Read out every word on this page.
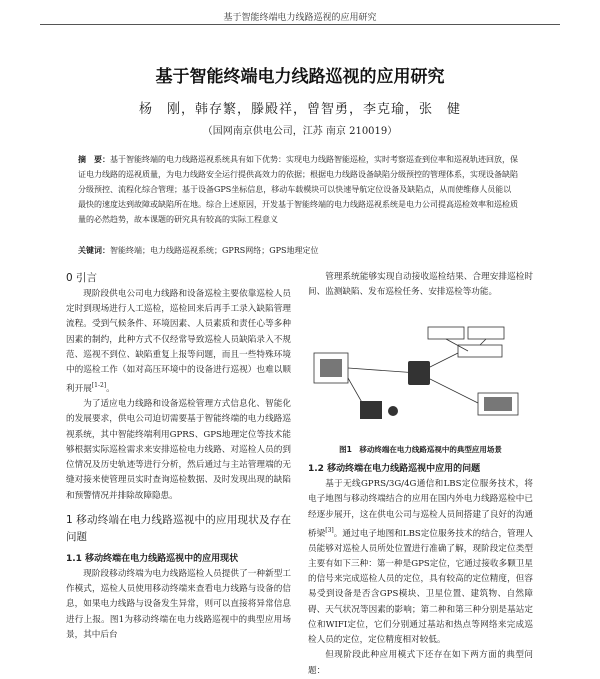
基于智能终端电力线路巡视的应用研究
基于智能终端电力线路巡视的应用研究
杨　刚，韩存繁，滕殿祥，曾智勇，李克瑜，张　健
（国网南京供电公司，江苏 南京 210019）
摘　要：基于智能终端的电力线路巡视系统具有如下优势：实现电力线路智能巡检，实时考察巡查到位率和巡视轨迹回放，保证电力线路的巡视质量，为电力线路安全运行提供高效力的依据；根据电力线路设备缺陷分级预控的管理体系，实现设备缺陷分级预控、流程化综合管理；基于设备GPS坐标信息，移动车载模块可以快速导航定位设备及缺陷点，从而使维修人员能以最快的速度达到故障或缺陷所在地。综合上述原因，开发基于智能终端的电力线路巡视系统是电力公司提高巡检效率和巡检质量的必然趋势，故本课题的研究具有较高的实际工程意义
关键词：智能终端；电力线路巡视系统；GPRS网络；GPS地理定位
0 引言

现阶段供电公司电力线路和设备巡检主要依靠巡检人员定时到现场进行人工巡检，巡检回来后再手工录入缺陷管理流程。受到气候条件、环境因素、人员素质和责任心等多种因素的制约，此种方式不仅经常导致巡检人员缺陷录入不规范、巡视不到位、缺陷重复上报等问题，而且一些特殊环境中的巡检工作（如对高压环境中的设备进行巡视）也难以顺利开展[1-2]。

为了适应电力线路和设备巡检管理方式信息化、智能化的发展要求，供电公司迫切需要基于智能终端的电力线路巡视系统，其中智能终端利用GPRS、GPS地理定位等技术能够根据实际巡检需求来安排巡检电力线路、对巡检人员的到位情况及历史轨迹等进行分析，然后通过与主站管理端的无缝对接来使管理员实时查询巡检数据、及时发现出现的缺陷和预警情况并排除故障隐患。

1 移动终端在电力线路巡视中的应用现状及存在问题
1.1 移动终端在电力线路巡视中的应用现状

现阶段移动终端为电力线路巡检人员提供了一种新型工作模式，巡检人员使用移动终端来查看电力线路与设备的信息，如果电力线路与设备发生异常，则可以直接将异常信息进行上报。图1为移动终端在电力线路巡视中的典型应用场景，其中后台

管理系统能够实现自动接收巡检结果、合理安排巡检时间、监测缺陷、发布巡检任务、安排巡检等功能。

图1　移动终端在电力线路巡视中的典型应用场景
1.2 移动终端在电力线路巡视中应用的问题

基于无线GPRS/3G/4G通信和LBS定位服务技术，将电子地图与移动终端结合的应用在国内外电力线路巡检中已经逐步展开，这在供电公司与巡检人员间搭建了良好的沟通桥梁[3]。通过电子地图和LBS定位服务技术的结合，管理人员能够对巡检人员所处位置进行准确了解，现阶段定位类型主要有如下三种：第一种是GPS定位，它通过接收多颗卫星的信号来完成巡检人员的定位，具有较高的定位精度，但容易受到设备是否含GPS模块、卫星位置、建筑物、自然障碍、天气状况等因素的影响；第二种和第三种分别是基站定位和WIFI定位，它们分别通过基站和热点等网络来完成巡检人员的定位，定位精度相对较低。

但现阶段此种应用模式下还存在如下两方面的典型问题：
